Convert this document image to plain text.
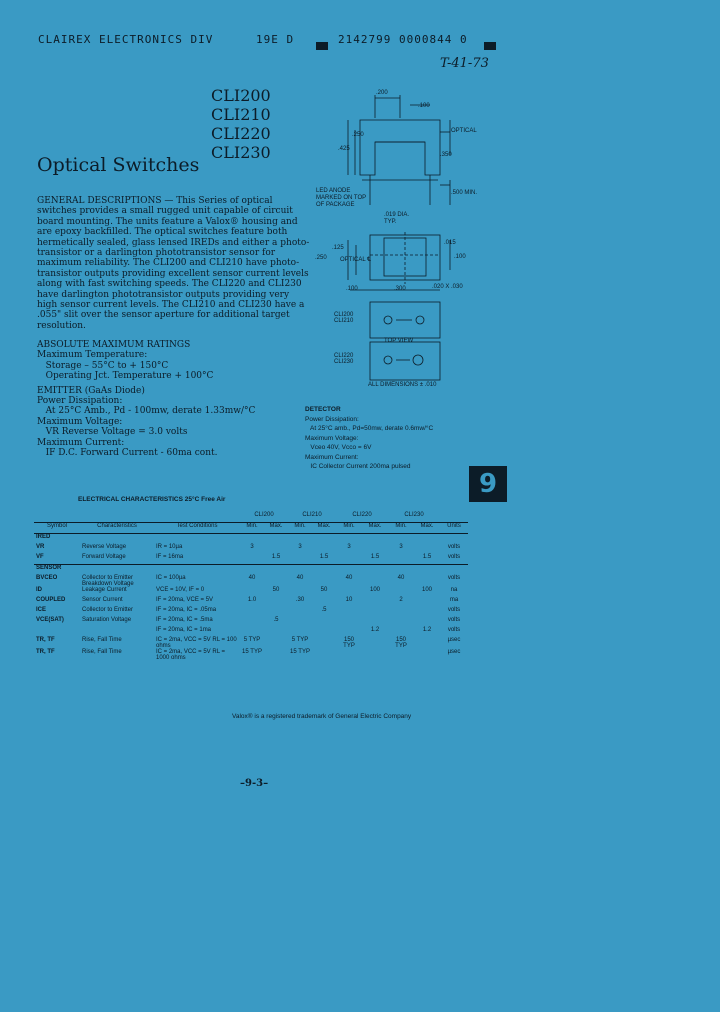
CLAIREX ELECTRONICS DIV	19E D	2142799 0000844 0
T-41-73
CLI200
CLI210
CLI220
CLI230
Optical Switches
GENERAL DESCRIPTIONS — This Series of optical
switches provides a small rugged unit capable of circuit
board mounting. The units feature a Valox® housing and
are epoxy backfilled. The optical switches feature both
hermetically sealed, glass lensed IREDs and either a photo-
transistor or a darlington phototransistor sensor for
maximum reliability. The CLI200 and CLI210 have photo-
transistor outputs providing excellent sensor current levels
along with fast switching speeds. The CLI220 and CLI230
have darlington phototransistor outputs providing very
high sensor current levels. The CLI210 and CLI230 have a
.055" slit over the sensor aperture for additional target
resolution.
ABSOLUTE MAXIMUM RATINGS
Maximum Temperature:
Storage – 55°C to + 150°C
Operating Jct. Temperature + 100°C
EMITTER (GaAs Diode)
Power Dissipation:
At 25°C Amb., Pd - 100mw, derate 1.33mw/°C
Maximum Voltage:
VR Reverse Voltage = 3.0 volts
Maximum Current:
IF D.C. Forward Current - 60ma cont.
DETECTOR
Power Dissipation:
At 25°C amb., Pd=50mw, derate 0.6mw/°C
Maximum Voltage:
Vceo 40V, Vcco = 6V
Maximum Current:
IC Collector Current 200ma pulsed
.200
.100
.250
.425
.350
OPTICAL
.500 MIN.
LED ANODE MARKED ON TOP OF PACKAGE
.019 DIA. TYP.
.125
.250 OPTICAL ℄
.100	.300
.015
.100
.020 X .030
CLI200 CLI210
TOP VIEW
CLI220 CLI230
ALL DIMENSIONS ± .010
9
ELECTRICAL CHARACTERISTICS 25°C Free Air
			CLI200		CLI210		CLI220		CLI230		
Symbol	Characteristics	Test Conditions	Min.	Max.	Min.	Max.	Min.	Max.	Min.	Max.	Units
IRED											
VR	Reverse Voltage	IR = 10µa	3		3		3		3		volts
VF	Forward Voltage	IF = 16ma		1.5		1.5		1.5		1.5	volts
SENSOR											
BVCEO	Collector to Emitter Breakdown Voltage	IC = 100µa	40		40		40		40		volts
ID	Leakage Current	VCE = 10V, IF = 0		50		50		100		100	na
COUPLED	Sensor Current	IF = 20ma, VCE = 5V	1.0		.30		10		2		ma
ICE	Collector to Emitter	IF = 20ma, IC = .05ma				.5					volts
VCE(SAT)	Saturation Voltage	IF = 20ma, IC = .5ma		.5							volts
		IF = 20ma, IC = 1ma						1.2		1.2	volts
TR, TF	Rise, Fall Time	IC = 2ma, VCC = 5V RL = 100 ohms	5 TYP		5 TYP		150 TYP		150 TYP		µsec
TR, TF	Rise, Fall Time	IC = 2ma, VCC = 5V RL = 1000 ohms	15 TYP		15 TYP						µsec
Valox® is a registered trademark of General Electric Company
–9-3–
